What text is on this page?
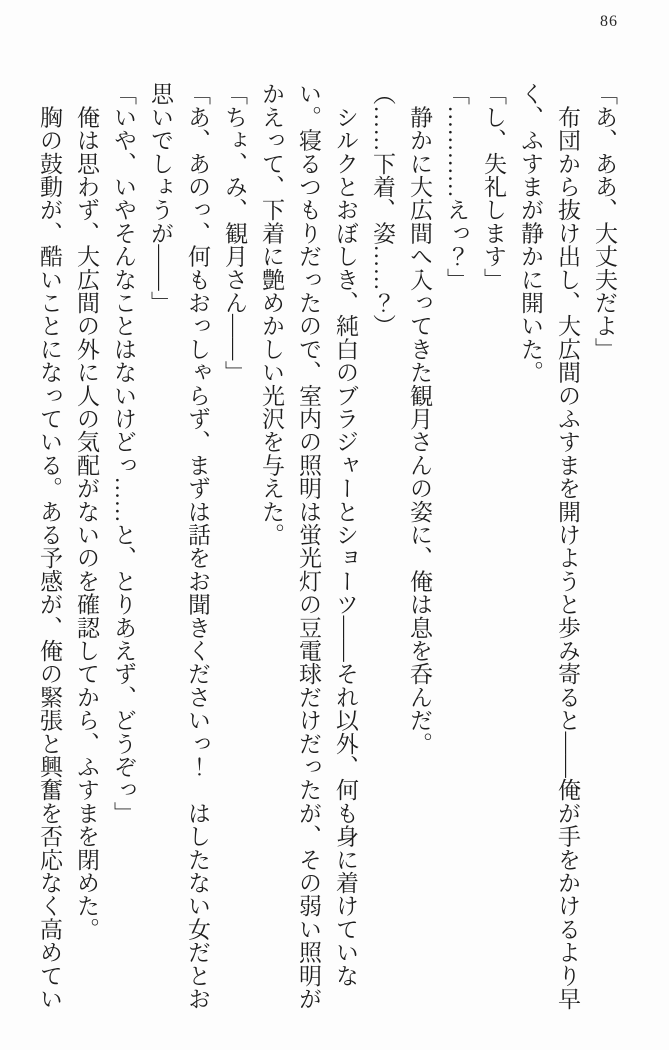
86

「あ、ああ、大丈夫だよ」

　布団から抜け出し、大広間のふすまを開けようと歩み寄ると――俺が手をかけるより早

く、ふすまが静かに開いた。

「し、失礼します」

「…………えっ？」

　静かに大広間へ入ってきた観月さんの姿に、俺は息を呑んだ。

（……下着、姿……？）

　シルクとおぼしき、純白のブラジャーとショーツ――それ以外、何も身に着けていな

い。寝るつもりだったので、室内の照明は蛍光灯の豆電球だけだったが、その弱い照明が

かえって、下着に艶めかしい光沢を与えた。

「ちょ、み、観月さん――」

「あ、あのっ、何もおっしゃらず、まずは話をお聞きくださいっ！　はしたない女だとお

思いでしょうが――」

「いや、いやそんなことはないけどっ……と、とりあえず、どうぞっ」

　俺は思わず、大広間の外に人の気配がないのを確認してから、ふすまを閉めた。

　胸の鼓動が、酷いことになっている。ある予感が、俺の緊張と興奮を否応なく高めてい
